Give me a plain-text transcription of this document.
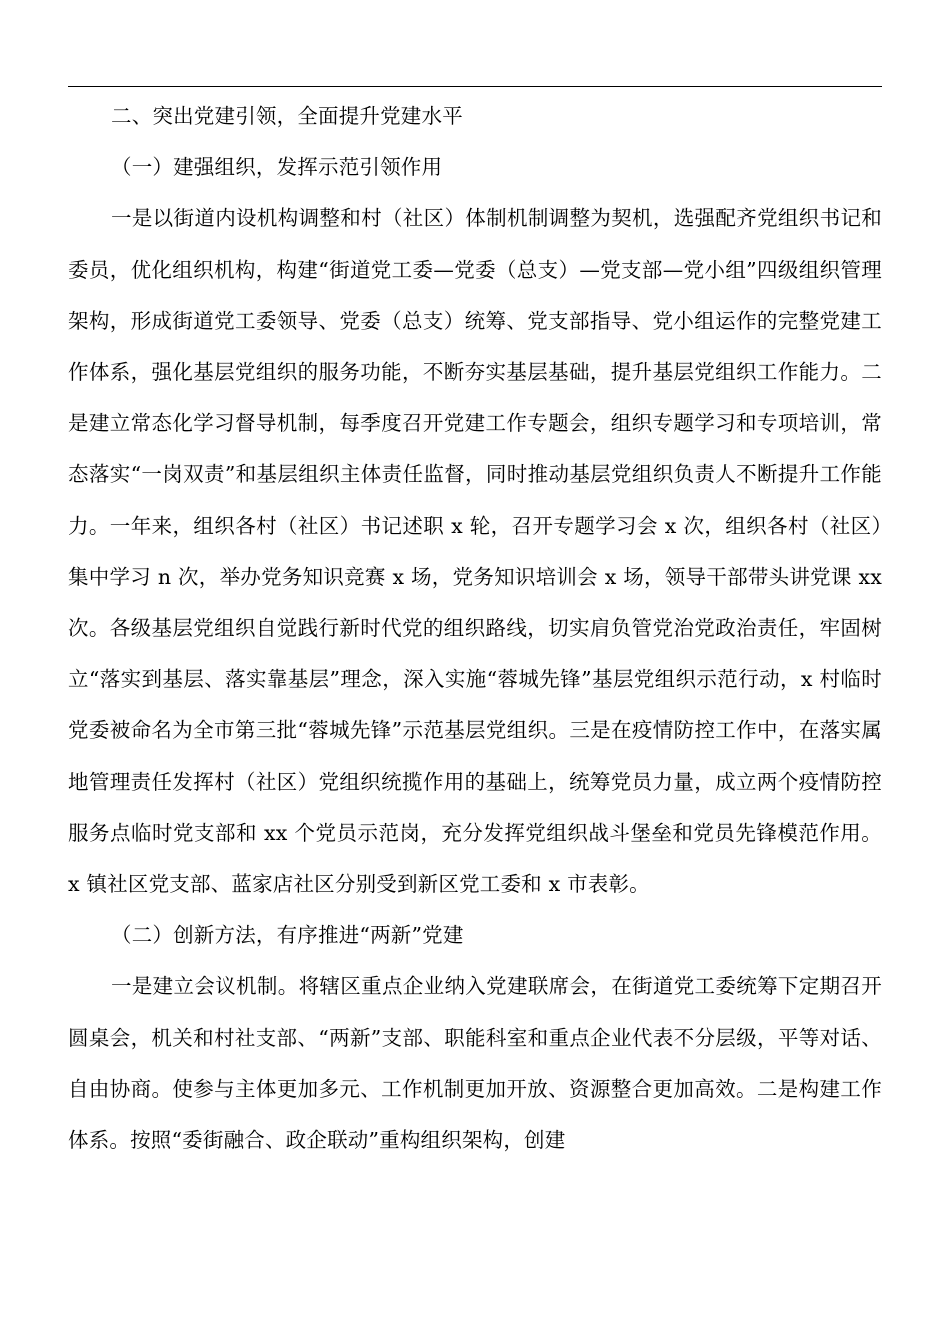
二、突出党建引领，全面提升党建水平

（一）建强组织，发挥示范引领作用

一是以街道内设机构调整和村（社区）体制机制调整为契机，选强配齐党组织书记和委员，优化组织机构，构建“街道党工委—党委（总支）—党支部—党小组”四级组织管理架构，形成街道党工委领导、党委（总支）统筹、党支部指导、党小组运作的完整党建工作体系，强化基层党组织的服务功能，不断夯实基层基础，提升基层党组织工作能力。二是建立常态化学习督导机制，每季度召开党建工作专题会，组织专题学习和专项培训，常态落实“一岗双责”和基层组织主体责任监督，同时推动基层党组织负责人不断提升工作能力。一年来，组织各村（社区）书记述职 x 轮，召开专题学习会 x 次，组织各村（社区）集中学习 n 次，举办党务知识竞赛 x 场，党务知识培训会 x 场，领导干部带头讲党课 xx 次。各级基层党组织自觉践行新时代党的组织路线，切实肩负管党治党政治责任，牢固树立“落实到基层、落实靠基层”理念，深入实施“蓉城先锋”基层党组织示范行动，x 村临时党委被命名为全市第三批“蓉城先锋”示范基层党组织。三是在疫情防控工作中，在落实属地管理责任发挥村（社区）党组织统揽作用的基础上，统筹党员力量，成立两个疫情防控服务点临时党支部和 xx 个党员示范岗，充分发挥党组织战斗堡垒和党员先锋模范作用。x 镇社区党支部、蓝家店社区分别受到新区党工委和 x 市表彰。

（二）创新方法，有序推进“两新”党建

一是建立会议机制。将辖区重点企业纳入党建联席会，在街道党工委统筹下定期召开圆桌会，机关和村社支部、“两新”支部、职能科室和重点企业代表不分层级，平等对话、自由协商。使参与主体更加多元、工作机制更加开放、资源整合更加高效。二是构建工作体系。按照“委街融合、政企联动”重构组织架构，创建
